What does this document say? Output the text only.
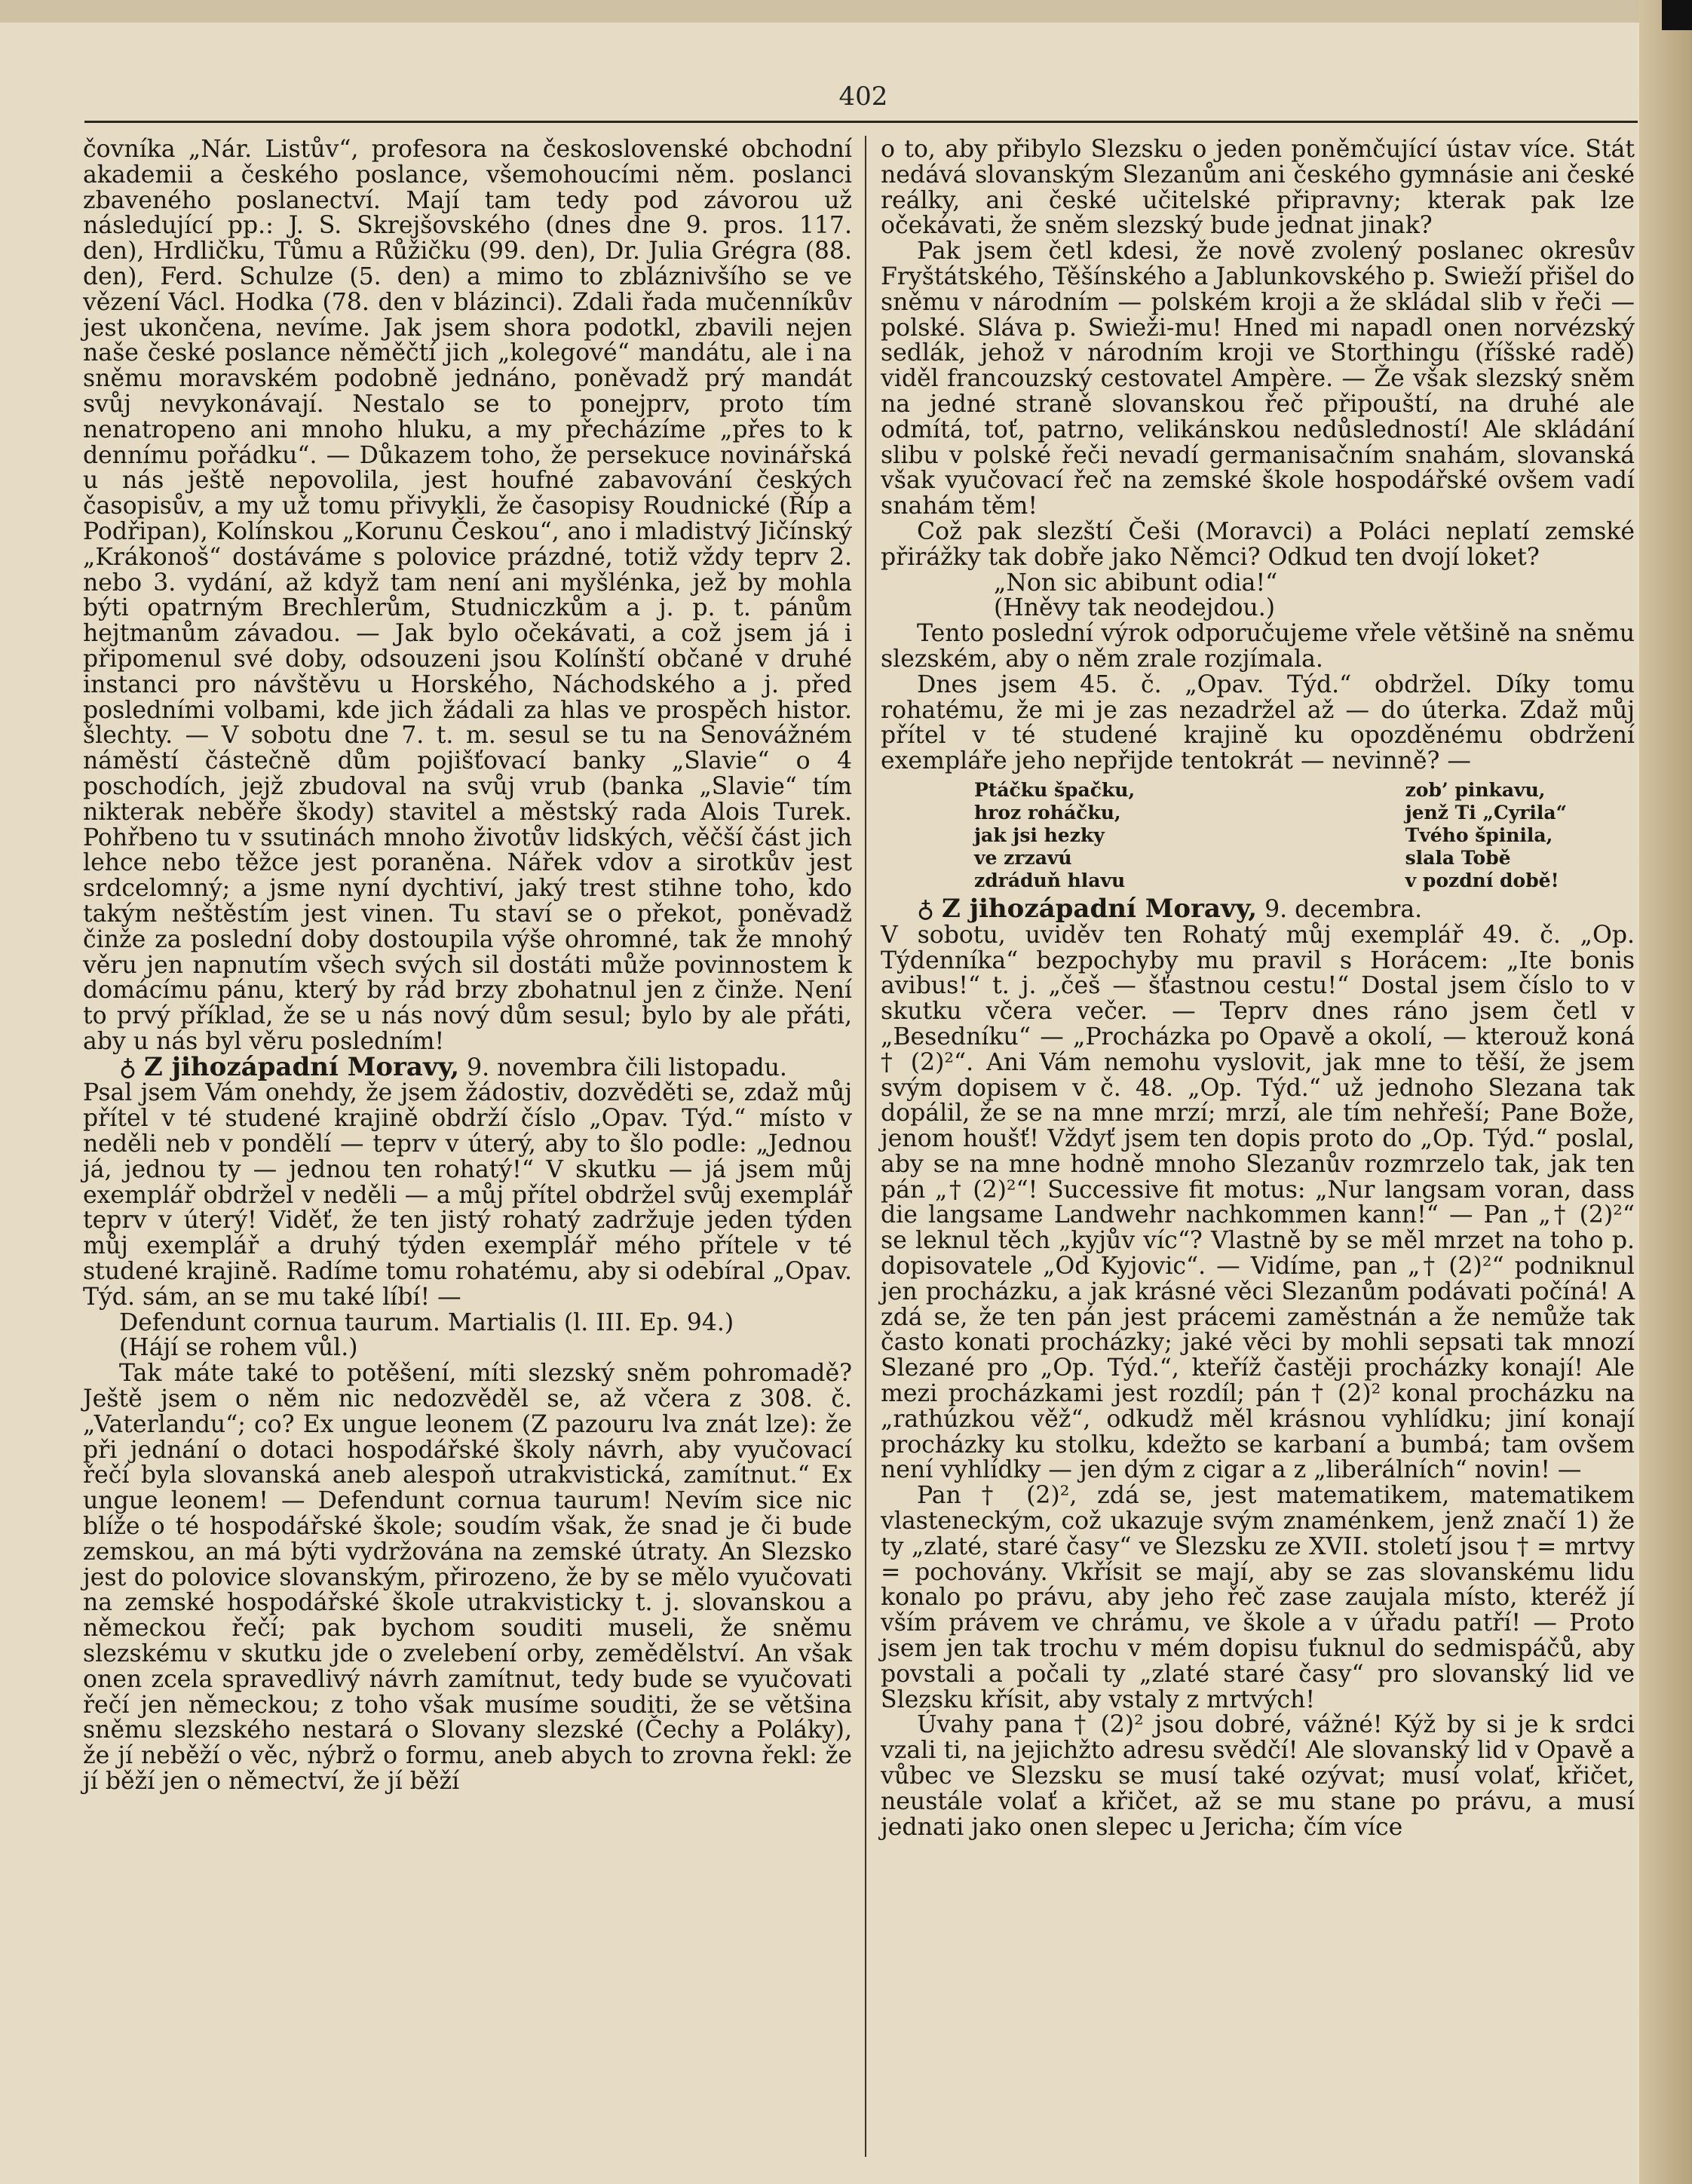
402

čovníka „Nár. Listův“, profesora na československé obchodní akademii a českého poslance, všemohoucími něm. poslanci zbaveného poslanectví. Mají tam tedy pod závorou už následující pp.: J. S. Skrejšovského (dnes dne 9. pros. 117. den), Hrdličku, Tůmu a Růžičku (99. den), Dr. Julia Grégra (88. den), Ferd. Schulze (5. den) a mimo to zbláznivšího se ve vězení Václ. Hodka (78. den v blázinci). Zdali řada mučenníkův jest ukončena, nevíme. Jak jsem shora podotkl, zbavili nejen naše české poslance něměčtí jich „kolegové“ mandátu, ale i na sněmu moravském podobně jednáno, poněvadž prý mandát svůj nevykonávají. Nestalo se to ponejprv, proto tím nenatropeno ani mnoho hluku, a my přecházíme „přes to k dennímu pořádku“. — Důkazem toho, že persekuce novinářská u nás ještě nepovolila, jest houfné zabavování českých časopisův, a my už tomu přivykli, že časopisy Roudnické (Říp a Podřipan), Kolínskou „Korunu Českou“, ano i mladistvý Jičínský „Krákonoš“ dostáváme s polovice prázdné, totiž vždy teprv 2. nebo 3. vydání, až když tam není ani myšlénka, jež by mohla býti opatrným Brechlerům, Studniczkům a j. p. t. pánům hejtmanům závadou. — Jak bylo očekávati, a což jsem já i připomenul své doby, odsouzeni jsou Kolínští občané v druhé instanci pro návštěvu u Horského, Náchodského a j. před posledními volbami, kde jich žádali za hlas ve prospěch histor. šlechty. — V sobotu dne 7. t. m. sesul se tu na Senovážném náměstí částečně dům pojišťovací banky „Slavie“ o 4 poschodích, jejž zbudoval na svůj vrub (banka „Slavie“ tím nikterak neběře škody) stavitel a městský rada Alois Turek. Pohřbeno tu v ssutinách mnoho životův lidských, věčší část jich lehce nebo těžce jest poraněna. Nářek vdov a sirotkův jest srdcelomný; a jsme nyní dychtiví, jaký trest stihne toho, kdo takým neštěstím jest vinen. Tu staví se o překot, poněvadž činže za poslední doby dostoupila výše ohromné, tak že mnohý věru jen napnutím všech svých sil dostáti může povinnostem k domácímu pánu, který by rád brzy zbohatnul jen z činže. Není to prvý příklad, že se u nás nový dům sesul; bylo by ale přáti, aby u nás byl věru posledním!

♁ Z jihozápadní Moravy, 9. novembra čili listopadu.

Psal jsem Vám onehdy, že jsem žádostiv, dozvěděti se, zdaž můj přítel v té studené krajině obdrží číslo „Opav. Týd.“ místo v neděli neb v pondělí — teprv v úterý, aby to šlo podle: „Jednou já, jednou ty — jednou ten rohatý!“ V skutku — já jsem můj exemplář obdržel v neděli — a můj přítel obdržel svůj exemplář teprv v úterý! Viděť, že ten jistý rohatý zadržuje jeden týden můj exemplář a druhý týden exemplář mého přítele v té studené krajině. Radíme tomu rohatému, aby si odebíral „Opav. Týd. sám, an se mu také líbí! —

Defendunt cornua taurum. Martialis (l. III. Ep. 94.)

(Hájí se rohem vůl.)

Tak máte také to potěšení, míti slezský sněm pohromadě? Ještě jsem o něm nic nedozvěděl se, až včera z 308. č. „Vaterlandu“; co? Ex ungue leonem (Z pazouru lva znát lze): že při jednání o dotaci hospodářské školy návrh, aby vyučovací řečí byla slovanská aneb alespoň utrakvistická, zamítnut.“ Ex ungue leonem! — Defendunt cornua taurum! Nevím sice nic blíže o té hospodářské škole; soudím však, že snad je či bude zemskou, an má býti vydržována na zemské útraty. An Slezsko jest do polovice slovanským, přirozeno, že by se mělo vyučovati na zemské hospodářské škole utrakvisticky t. j. slovanskou a německou řečí; pak bychom souditi museli, že sněmu slezskému v skutku jde o zvelebení orby, zemědělství. An však onen zcela spravedlivý návrh zamítnut, tedy bude se vyučovati řečí jen německou; z toho však musíme souditi, že se většina sněmu slezského nestará o Slovany slezské (Čechy a Poláky), že jí neběží o věc, nýbrž o formu, aneb abych to zrovna řekl: že jí běží jen o němectví, že jí běží

o to, aby přibylo Slezsku o jeden poněmčující ústav více. Stát nedává slovanským Slezanům ani českého gymnásie ani české reálky, ani české učitelské připravny; kterak pak lze očekávati, že sněm slezský bude jednat jinak?

Pak jsem četl kdesi, že nově zvolený poslanec okresův Fryštátského, Těšínského a Jablunkovského p. Swieží přišel do sněmu v národním — polském kroji a že skládal slib v řeči — polské. Sláva p. Swieži-mu! Hned mi napadl onen norvézský sedlák, jehož v národním kroji ve Storthingu (říšské radě) viděl francouzský cestovatel Ampère. — Že však slezský sněm na jedné straně slovanskou řeč připouští, na druhé ale odmítá, toť, patrno, velikánskou nedůsledností! Ale skládání slibu v polské řeči nevadí germanisačním snahám, slovanská však vyučovací řeč na zemské škole hospodářské ovšem vadí snahám těm!

Což pak slezští Češi (Moravci) a Poláci neplatí zemské přirážky tak dobře jako Němci? Odkud ten dvojí loket?

„Non sic abibunt odia!“

(Hněvy tak neodejdou.)

Tento poslední výrok odporučujeme vřele většině na sněmu slezském, aby o něm zrale rozjímala.

Dnes jsem 45. č. „Opav. Týd.“ obdržel. Díky tomu rohatému, že mi je zas nezadržel až — do úterka. Zdaž můj přítel v té studené krajině ku opozděnému obdržení exempláře jeho nepřijde tentokrát — nevinně? —

Ptáčku špačku,
hroz roháčku,
jak jsi hezky
ve zrzavú
zdráduň hlavu
zob’ pinkavu,
jenž Ti „Cyrila“
Tvého špinila,
slala Tobě
v pozdní době!

♁ Z jihozápadní Moravy, 9. decembra.

V sobotu, uviděv ten Rohatý můj exemplář 49. č. „Op. Týdenníka“ bezpochyby mu pravil s Horácem: „Ite bonis avibus!“ t. j. „češ — šťastnou cestu!“ Dostal jsem číslo to v skutku včera večer. — Teprv dnes ráno jsem četl v „Besedníku“ — „Procházka po Opavě a okolí, — kterouž koná † (2)²“. Ani Vám nemohu vyslovit, jak mne to těší, že jsem svým dopisem v č. 48. „Op. Týd.“ už jednoho Slezana tak dopálil, že se na mne mrzí; mrzí, ale tím nehřeší; Pane Bože, jenom houšť! Vždyť jsem ten dopis proto do „Op. Týd.“ poslal, aby se na mne hodně mnoho Slezanův rozmrzelo tak, jak ten pán „† (2)²“! Successive fit motus: „Nur langsam voran, dass die langsame Landwehr nachkommen kann!“ — Pan „† (2)²“ se leknul těch „kyjův víc“? Vlastně by se měl mrzet na toho p. dopisovatele „Od Kyjovic“. — Vidíme, pan „† (2)²“ podniknul jen procházku, a jak krásné věci Slezanům podávati počíná! A zdá se, že ten pán jest prácemi zaměstnán a že nemůže tak často konati procházky; jaké věci by mohli sepsati tak mnozí Slezané pro „Op. Týd.“, kteříž častěji procházky konají! Ale mezi procházkami jest rozdíl; pán † (2)² konal procházku na „rathúzkou věž“, odkudž měl krásnou vyhlídku; jiní konají procházky ku stolku, kdežto se karbaní a bumbá; tam ovšem není vyhlídky — jen dým z cigar a z „liberálních“ novin! —

Pan † (2)², zdá se, jest matematikem, matematikem vlasteneckým, což ukazuje svým znaménkem, jenž značí 1) že ty „zlaté, staré časy“ ve Slezsku ze XVII. století jsou † = mrtvy = pochovány. Vkřísit se mají, aby se zas slovanskému lidu konalo po právu, aby jeho řeč zase zaujala místo, kteréž jí vším právem ve chrámu, ve škole a v úřadu patří! — Proto jsem jen tak trochu v mém dopisu ťuknul do sedmispáčů, aby povstali a počali ty „zlaté staré časy“ pro slovanský lid ve Slezsku křísit, aby vstaly z mrtvých!

Úvahy pana † (2)² jsou dobré, vážné! Kýž by si je k srdci vzali ti, na jejichžto adresu svědčí! Ale slovanský lid v Opavě a vůbec ve Slezsku se musí také ozývat; musí volať, křičet, neustále volať a křičet, až se mu stane po právu, a musí jednati jako onen slepec u Jericha; čím více
